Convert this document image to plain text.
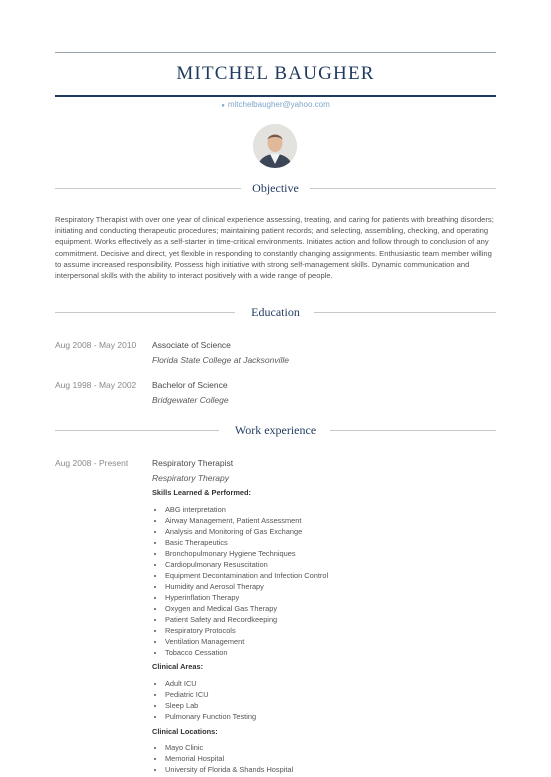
MITCHEL BAUGHER
● mitchelbaugher@yahoo.com
Objective
Respiratory Therapist with over one year of clinical experience assessing, treating, and caring for patients with breathing disorders; initiating and conducting therapeutic procedures; maintaining patient records; and selecting, assembling, checking, and operating equipment. Works effectively as a self-starter in time-critical environments. Initiates action and follow through to conclusion of any commitment. Decisive and direct, yet flexible in responding to constantly changing assignments. Enthusiastic team member willing to assume increased responsibility. Possess high initiative with strong self-management skills. Dynamic communication and interpersonal skills with the ability to interact positively with a wide range of people.
Education
Aug 2008 - May 2010 Associate of Science
Florida State College at Jacksonville
Aug 1998 - May 2002 Bachelor of Science
Bridgewater College
Work experience
Aug 2008 - Present	Respiratory Therapist
Respiratory Therapy
Skills Learned & Performed:
• ABG interpretation
• Airway Management, Patient Assessment
• Analysis and Monitoring of Gas Exchange
• Basic Therapeutics
• Bronchopulmonary Hygiene Techniques
• Cardiopulmonary Resuscitation
• Equipment Decontamination and Infection Control
• Humidity and Aerosol Therapy
• Hyperinflation Therapy
• Oxygen and Medical Gas Therapy
• Patient Safety and Recordkeeping
• Respiratory Protocols
• Ventilation Management
• Tobacco Cessation
Clinical Areas:
• Adult ICU
• Pediatric ICU
• Sleep Lab
• Pulmonary Function Testing
Clinical Locations:
• Mayo Clinic
• Memorial Hospital
• University of Florida & Shands Hospital
